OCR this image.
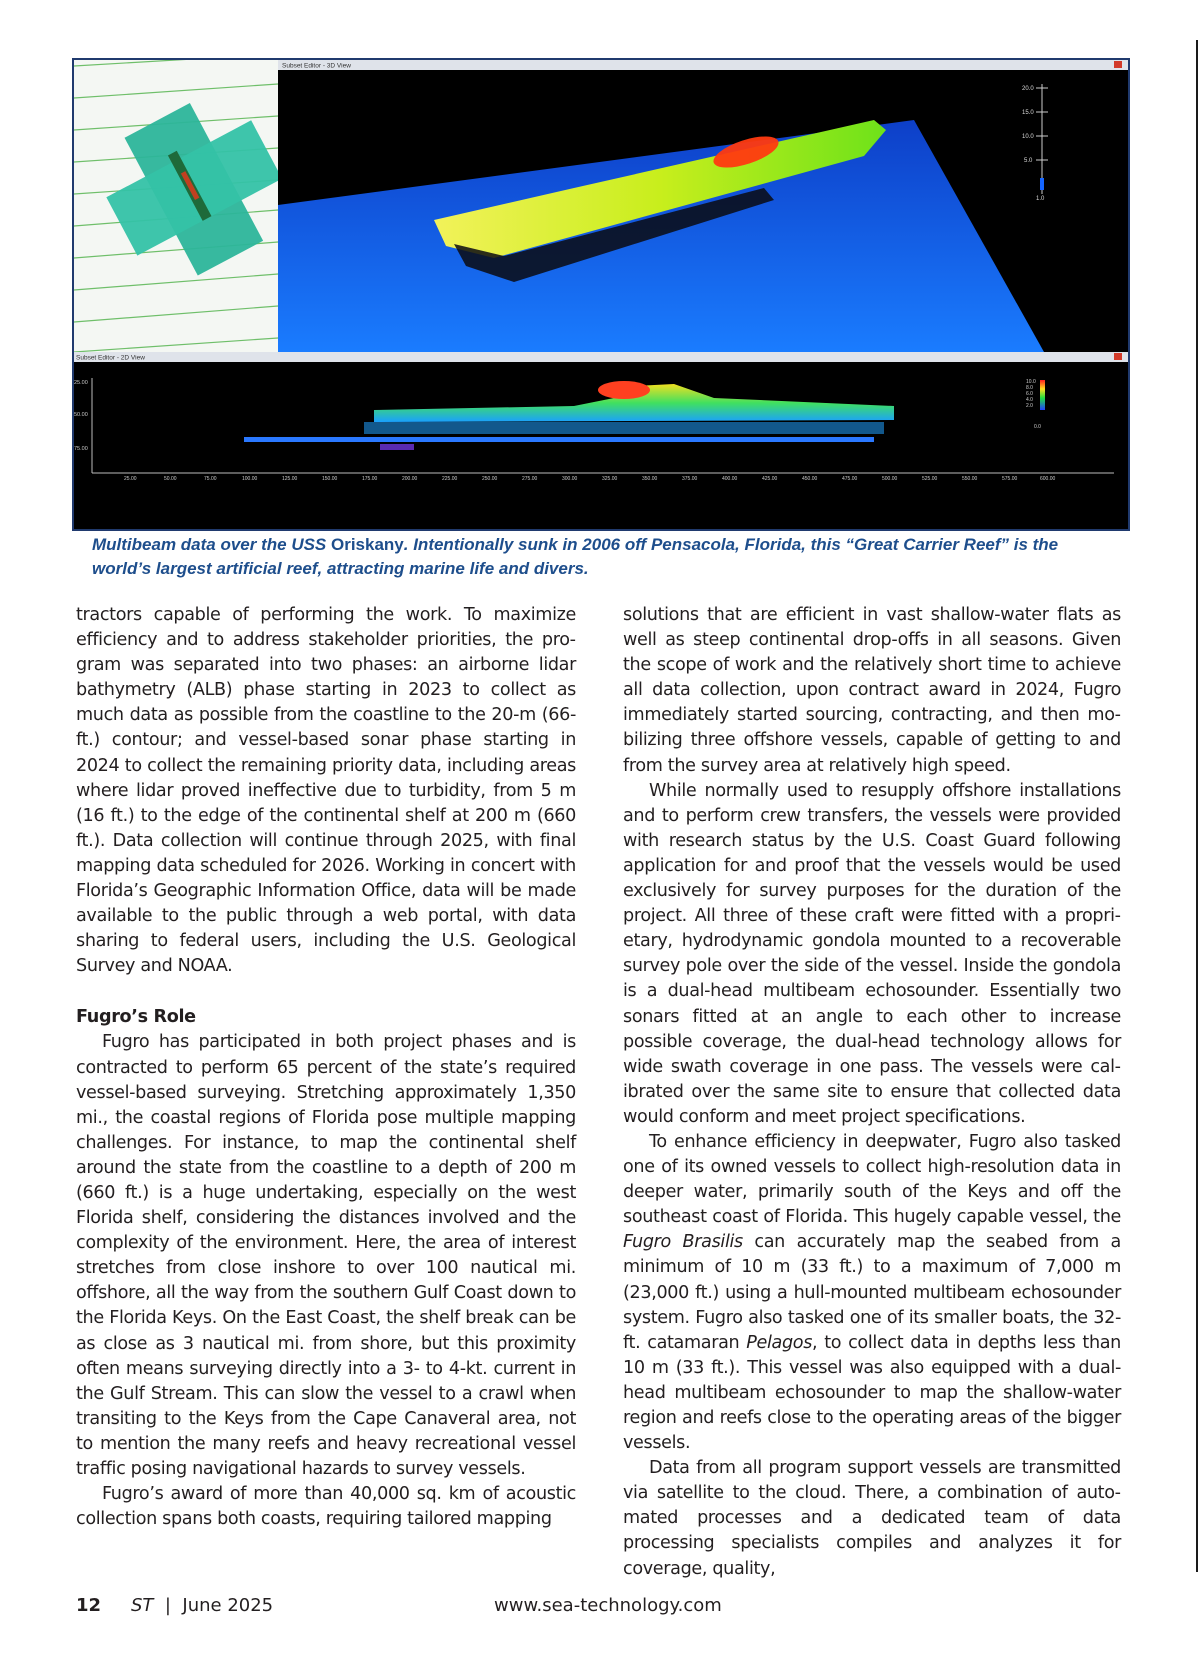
Subset Editor - 3D View
20.0
15.0
10.0
5.0
1.0
Subset Editor - 2D View
25.00
50.00
75.00
25.00	50.00	75.00	100.00	125.00	150.00	175.00	200.00	225.00	250.00	275.00	300.00	325.00	350.00	375.00	400.00	425.00	450.00	475.00	500.00	525.00	550.00	575.00	600.00
10.0
8.0
6.0
4.0
2.0
0.0
Multibeam data over the USS Oriskany. Intentionally sunk in 2006 off Pensacola, Florida, this “Great Carrier Reef” is the world’s largest artificial reef, attracting marine life and divers.

tractors capable of performing the work. To maximize efficiency and to address stakeholder priorities, the program was separated into two phases: an airborne lidar bathymetry (ALB) phase starting in 2023 to collect as much data as possible from the coastline to the 20-m (66-ft.) contour; and vessel-based sonar phase starting in 2024 to collect the remaining priority data, including areas where lidar proved ineffective due to turbidity, from 5 m (16 ft.) to the edge of the continental shelf at 200 m (660 ft.). Data collection will continue through 2025, with final mapping data scheduled for 2026. Working in concert with Florida’s Geographic Information Office, data will be made available to the public through a web portal, with data sharing to federal users, including the U.S. Geological Survey and NOAA.

Fugro’s Role

Fugro has participated in both project phases and is contracted to perform 65 percent of the state’s required vessel-based surveying. Stretching approximately 1,350 mi., the coastal regions of Florida pose multiple mapping challenges. For instance, to map the continental shelf around the state from the coastline to a depth of 200 m (660 ft.) is a huge undertaking, especially on the west Florida shelf, considering the distances involved and the complexity of the environment. Here, the area of interest stretches from close inshore to over 100 nautical mi. offshore, all the way from the southern Gulf Coast down to the Florida Keys. On the East Coast, the shelf break can be as close as 3 nautical mi. from shore, but this proximity often means surveying directly into a 3- to 4-kt. current in the Gulf Stream. This can slow the vessel to a crawl when transiting to the Keys from the Cape Canaveral area, not to mention the many reefs and heavy recreational vessel traffic posing navigational hazards to survey vessels.

Fugro’s award of more than 40,000 sq. km of acoustic collection spans both coasts, requiring tailored mapping

solutions that are efficient in vast shallow-water flats as well as steep continental drop-offs in all seasons. Given the scope of work and the relatively short time to achieve all data collection, upon contract award in 2024, Fugro immediately started sourcing, contracting, and then mobilizing three offshore vessels, capable of getting to and from the survey area at relatively high speed.

While normally used to resupply offshore installations and to perform crew transfers, the vessels were provided with research status by the U.S. Coast Guard following application for and proof that the vessels would be used exclusively for survey purposes for the duration of the project. All three of these craft were fitted with a proprietary, hydrodynamic gondola mounted to a recoverable survey pole over the side of the vessel. Inside the gondola is a dual-head multibeam echosounder. Essentially two sonars fitted at an angle to each other to increase possible coverage, the dual-head technology allows for wide swath coverage in one pass. The vessels were calibrated over the same site to ensure that collected data would conform and meet project specifications.

To enhance efficiency in deepwater, Fugro also tasked one of its owned vessels to collect high-resolution data in deeper water, primarily south of the Keys and off the southeast coast of Florida. This hugely capable vessel, the Fugro Brasilis can accurately map the seabed from a minimum of 10 m (33 ft.) to a maximum of 7,000 m (23,000 ft.) using a hull-mounted multibeam echosounder system. Fugro also tasked one of its smaller boats, the 32-ft. catamaran Pelagos, to collect data in depths less than 10 m (33 ft.). This vessel was also equipped with a dual-head multibeam echosounder to map the shallow-water region and reefs close to the operating areas of the bigger vessels.

Data from all program support vessels are transmitted via satellite to the cloud. There, a combination of automated processes and a dedicated team of data processing specialists compiles and analyzes it for coverage, quality,

12 ST | June 2025	www.sea-technology.com
